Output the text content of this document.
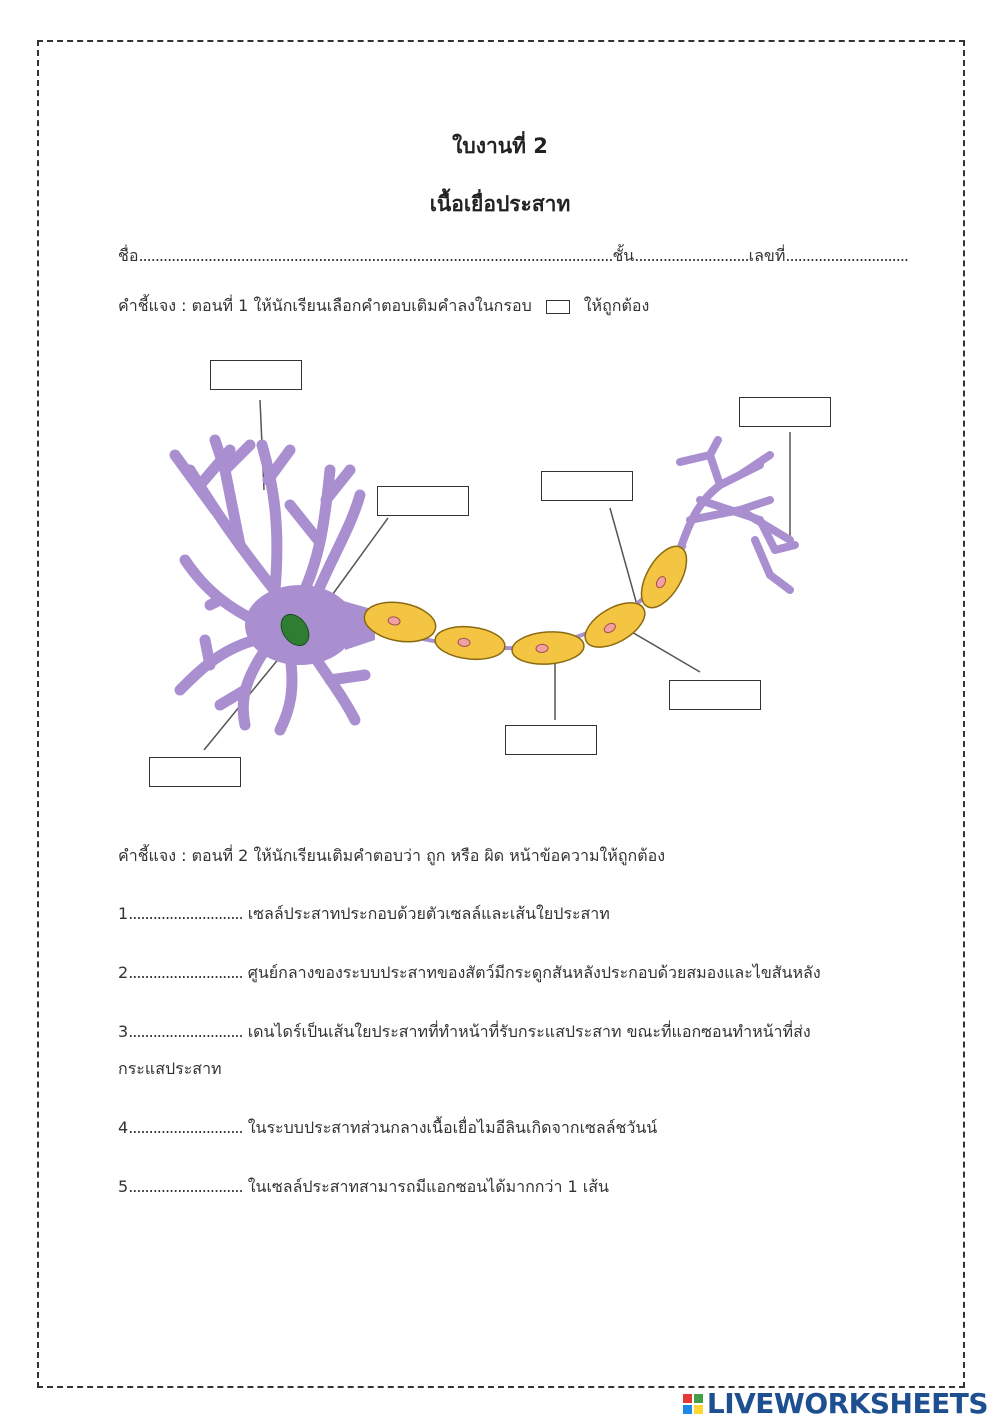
ใบงานที่ 2
เนื้อเยื่อประสาท
ชื่อ....................................................................................................................ชั้น............................เลขที่..............................
คำชี้แจง : ตอนที่ 1 ให้นักเรียนเลือกคำตอบเติมคำลงในกรอบ	ให้ถูกต้อง
คำชี้แจง : ตอนที่ 2 ให้นักเรียนเติมคำตอบว่า ถูก หรือ ผิด หน้าข้อความให้ถูกต้อง
1............................ เซลล์ประสาทประกอบด้วยตัวเซลล์และเส้นใยประสาท
2............................ ศูนย์กลางของระบบประสาทของสัตว์มีกระดูกสันหลังประกอบด้วยสมองและไขสันหลัง
3............................ เดนไดร์เป็นเส้นใยประสาทที่ทำหน้าที่รับกระแสประสาท ขณะที่แอกซอนทำหน้าที่ส่ง
กระแสประสาท
4............................ ในระบบประสาทส่วนกลางเนื้อเยื่อไมอีลินเกิดจากเซลล์ชวันน์
5............................ ในเซลล์ประสาทสามารถมีแอกซอนได้มากกว่า 1 เส้น
LIVEWORKSHEETS
